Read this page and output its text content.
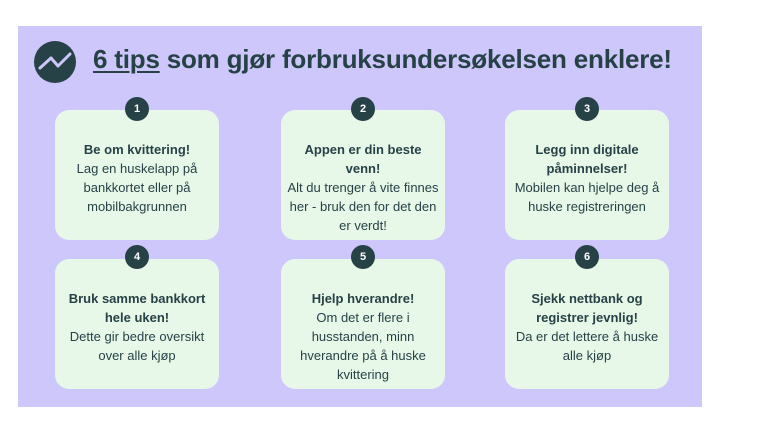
6 tips som gjør forbruksundersøkelsen enklere!
Be om kvittering!
Lag en huskelapp på bankkortet eller på mobilbakgrunnen
Appen er din beste venn!
Alt du trenger å vite finnes her - bruk den for det den er verdt!
Legg inn digitale påminnelser!
Mobilen kan hjelpe deg å huske registreringen
Bruk samme bankkort hele uken!
Dette gir bedre oversikt over alle kjøp
Hjelp hverandre!
Om det er flere i husstanden, minn hverandre på å huske kvittering
Sjekk nettbank og registrer jevnlig!
Da er det lettere å huske alle kjøp
1	2	3
4	5	6
